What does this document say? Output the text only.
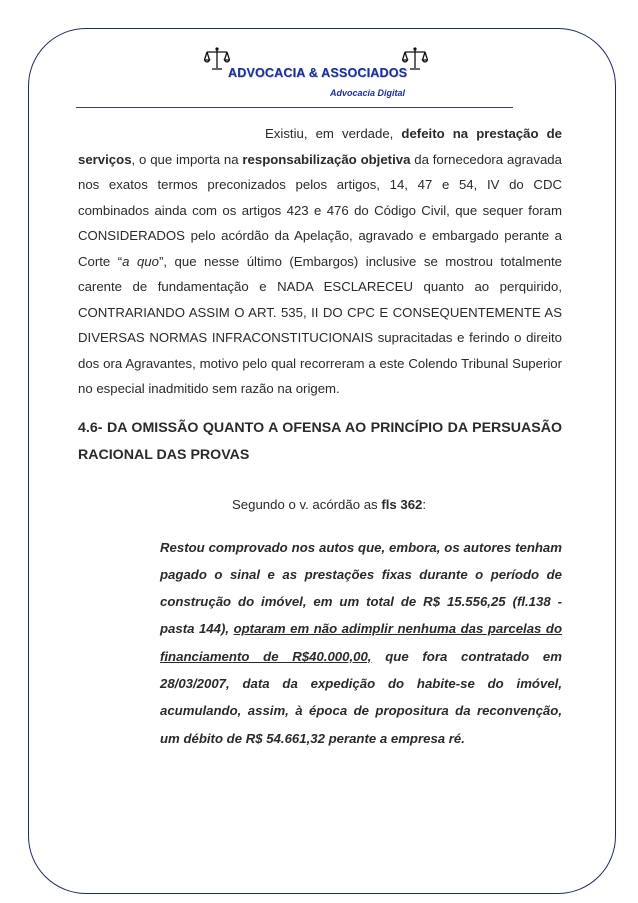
ADVOCACIA & ASSOCIADOS
Advocacia Digital

Existiu, em verdade, defeito na prestação de serviços, o que importa na responsabilização objetiva da fornecedora agravada nos exatos termos preconizados pelos artigos, 14, 47 e 54, IV do CDC combinados ainda com os artigos 423 e 476 do Código Civil, que sequer foram CONSIDERADOS pelo acórdão da Apelação, agravado e embargado perante a Corte “a quo”, que nesse último (Embargos) inclusive se mostrou totalmente carente de fundamentação e NADA ESCLARECEU quanto ao perquirido, CONTRARIANDO ASSIM O ART. 535, II DO CPC E CONSEQUENTEMENTE AS DIVERSAS NORMAS INFRACONSTITUCIONAIS supracitadas e ferindo o direito dos ora Agravantes, motivo pelo qual recorreram a este Colendo Tribunal Superior no especial inadmitido sem razão na origem.

4.6- DA OMISSÃO QUANTO A OFENSA AO PRINCÍPIO DA PERSUASÃO RACIONAL DAS PROVAS

Segundo o v. acórdão as fls 362:

Restou comprovado nos autos que, embora, os autores tenham pagado o sinal e as prestações fixas durante o período de construção do imóvel, em um total de R$ 15.556,25 (fl.138 - pasta 144), optaram em não adimplir nenhuma das parcelas do financiamento de R$40.000,00, que fora contratado em 28/03/2007, data da expedição do habite-se do imóvel, acumulando, assim, à época de propositura da reconvenção, um débito de R$ 54.661,32 perante a empresa ré.
